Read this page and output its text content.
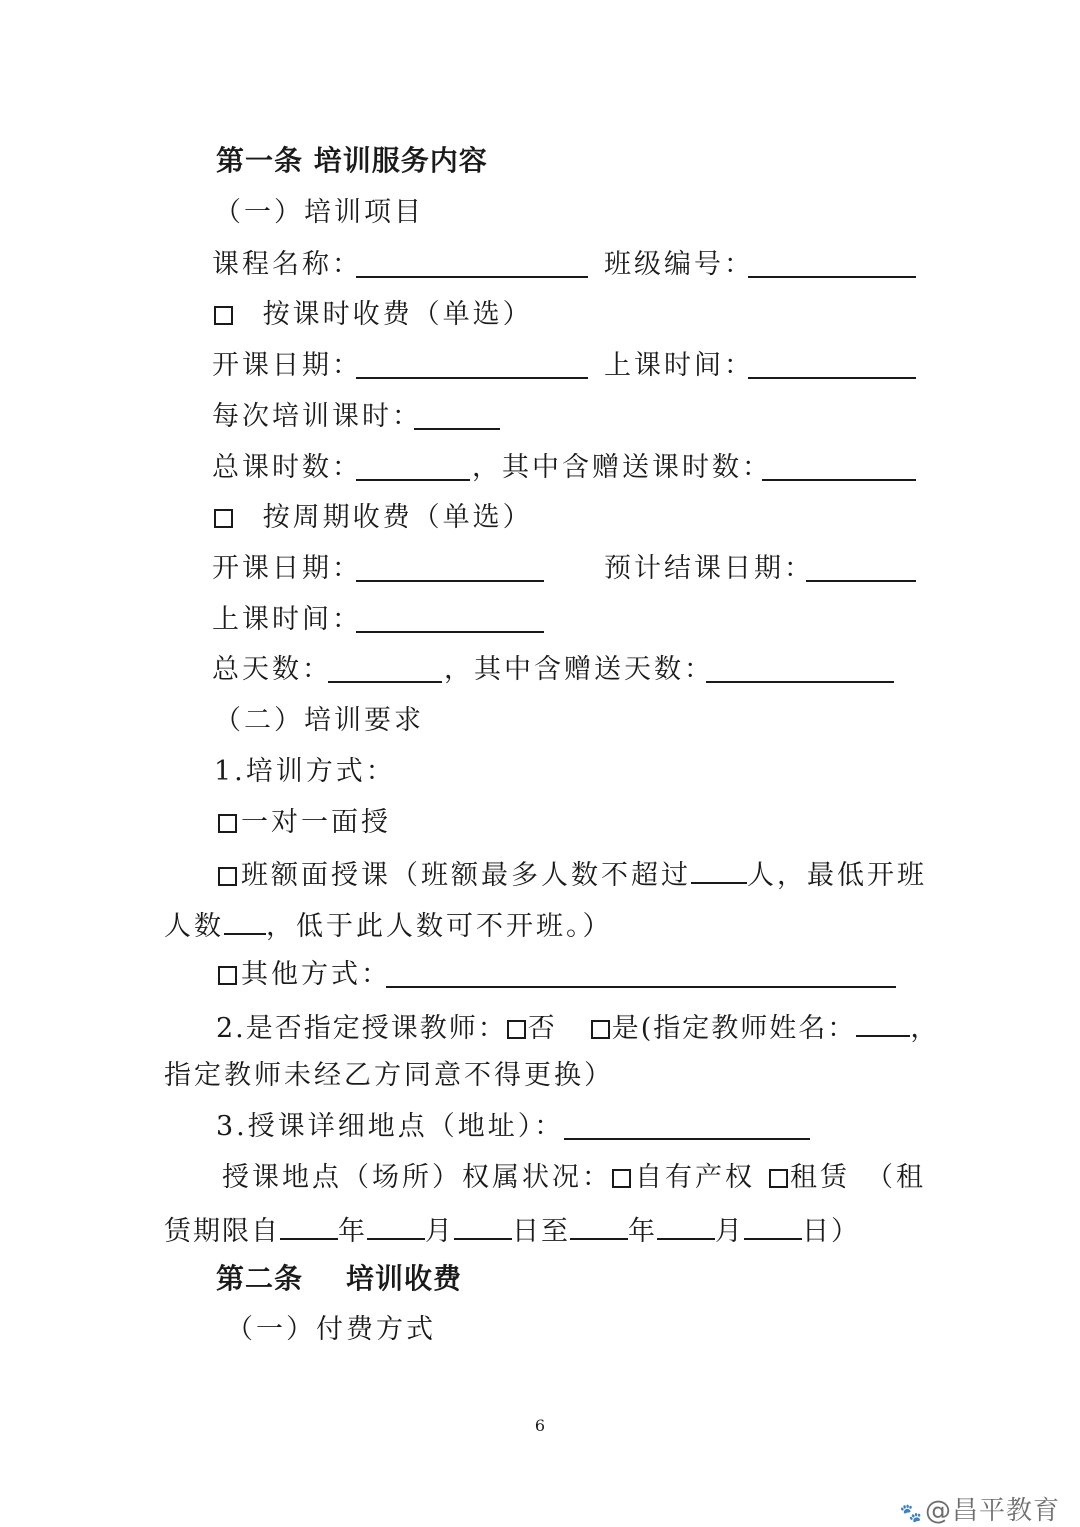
第一条 培训服务内容
（一）培训项目
课程名称：	班级编号：
按课时收费（单选）
开课日期：	上课时间：
每次培训课时：
总课时数：	，其中含赠送课时数：
按周期收费（单选）
开课日期：	预计结课日期：
上课时间：
总天数：	，其中含赠送天数：
（二）培训要求
1.培训方式：
一对一面授
班额面授课（班额最多人数不超过 人，最低开班
人数 ，低于此人数可不开班。）
其他方式：
2.是否指定授课教师： 否 是(指定教师姓名： ，
指定教师未经乙方同意不得更换）
3.授课详细地点（地址）：
授课地点（场所）权属状况： 自有产权 租赁 （租
赁期限自 年 月 日至 年 月 日）
第二条    培训收费
（一）付费方式
6
🐾@昌平教育
